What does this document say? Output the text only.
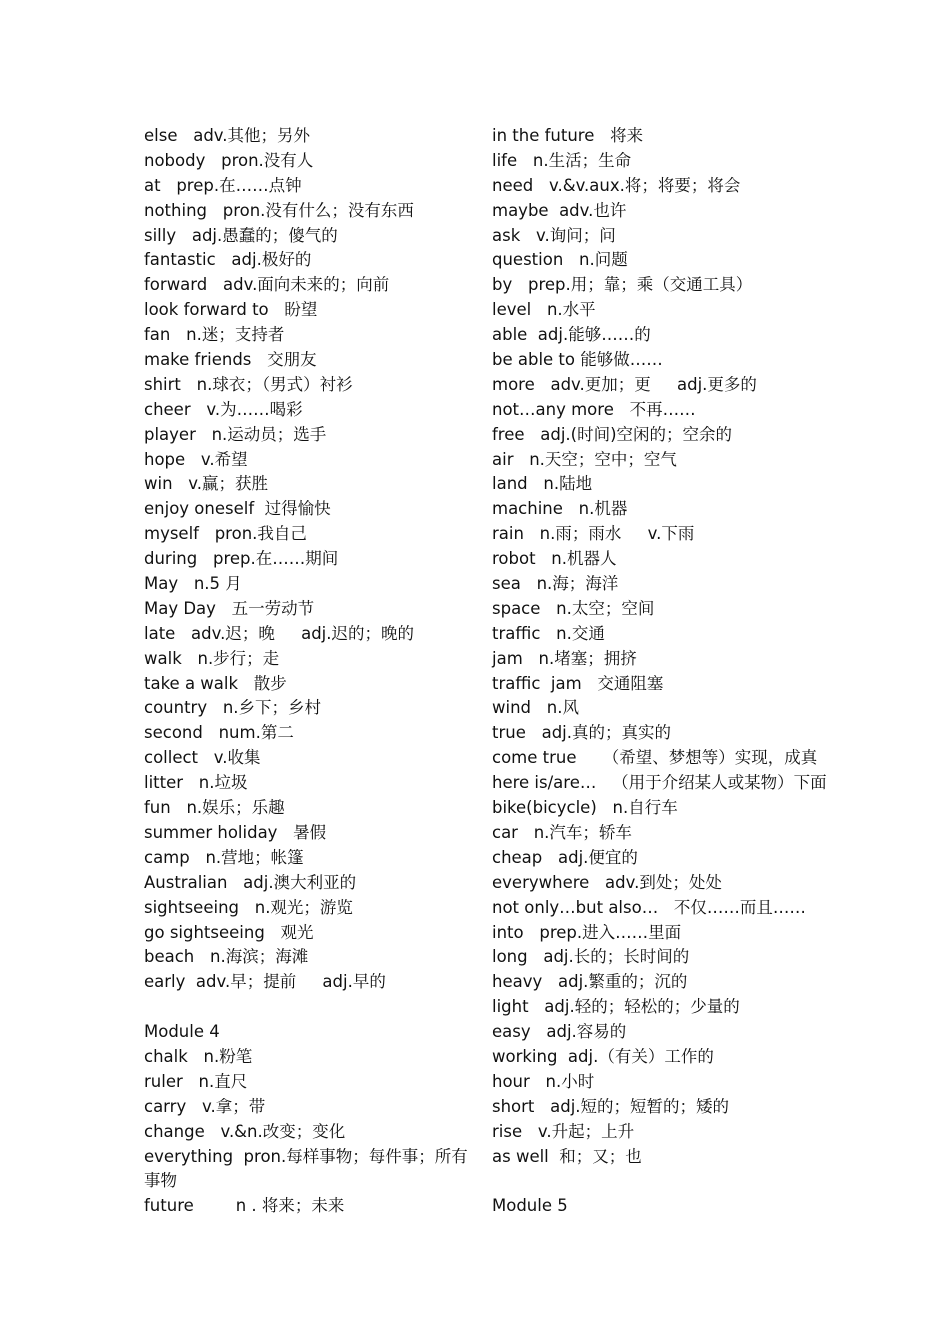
else   adv.其他；另外
nobody   pron.没有人
at   prep.在……点钟
nothing   pron.没有什么；没有东西
silly   adj.愚蠢的；傻气的
fantastic   adj.极好的
forward   adv.面向未来的；向前
look forward to   盼望
fan   n.迷；支持者
make friends   交朋友
shirt   n.球衣；（男式）衬衫
cheer   v.为……喝彩
player   n.运动员；选手
hope   v.希望
win   v.赢；获胜
enjoy oneself  过得愉快
myself   pron.我自己
during   prep.在……期间
May   n.5 月
May Day   五一劳动节
late   adv.迟；晚     adj.迟的；晚的
walk   n.步行；走
take a walk   散步
country   n.乡下；乡村
second   num.第二
collect   v.收集
litter   n.垃圾
fun   n.娱乐；乐趣
summer holiday   暑假
camp   n.营地；帐篷
Australian   adj.澳大利亚的
sightseeing   n.观光；游览
go sightseeing   观光
beach   n.海滨；海滩
early  adv.早；提前     adj.早的
Module 4
chalk   n.粉笔
ruler   n.直尺
carry   v.拿；带
change   v.&n.改变；变化
everything  pron.每样事物；每件事；所有事物
future        n . 将来；未来
in the future   将来
life   n.生活；生命
need   v.&v.aux.将；将要；将会
maybe  adv.也许
ask   v.询问；问
question   n.问题
by   prep.用；靠；乘（交通工具）
level   n.水平
able  adj.能够……的
be able to 能够做……
more   adv.更加；更     adj.更多的
not…any more   不再……
free   adj.(时间)空闲的；空余的
air   n.天空；空中；空气
land   n.陆地
machine   n.机器
rain   n.雨；雨水     v.下雨
robot   n.机器人
sea   n.海；海洋
space   n.太空；空间
traffic   n.交通
jam   n.堵塞；拥挤
traffic  jam   交通阻塞
wind   n.风
true   adj.真的；真实的
come true     （希望、梦想等）实现，成真
here is/are…   （用于介绍某人或某物）下面
bike(bicycle)   n.自行车
car   n.汽车；轿车
cheap   adj.便宜的
everywhere   adv.到处；处处
not only…but also…   不仅……而且……
into   prep.进入……里面
long   adj.长的；长时间的
heavy   adj.繁重的；沉的
light   adj.轻的；轻松的；少量的
easy   adj.容易的
working  adj.（有关）工作的
hour   n.小时
short   adj.短的；短暂的；矮的
rise   v.升起；上升
as well  和；又；也
Module 5
